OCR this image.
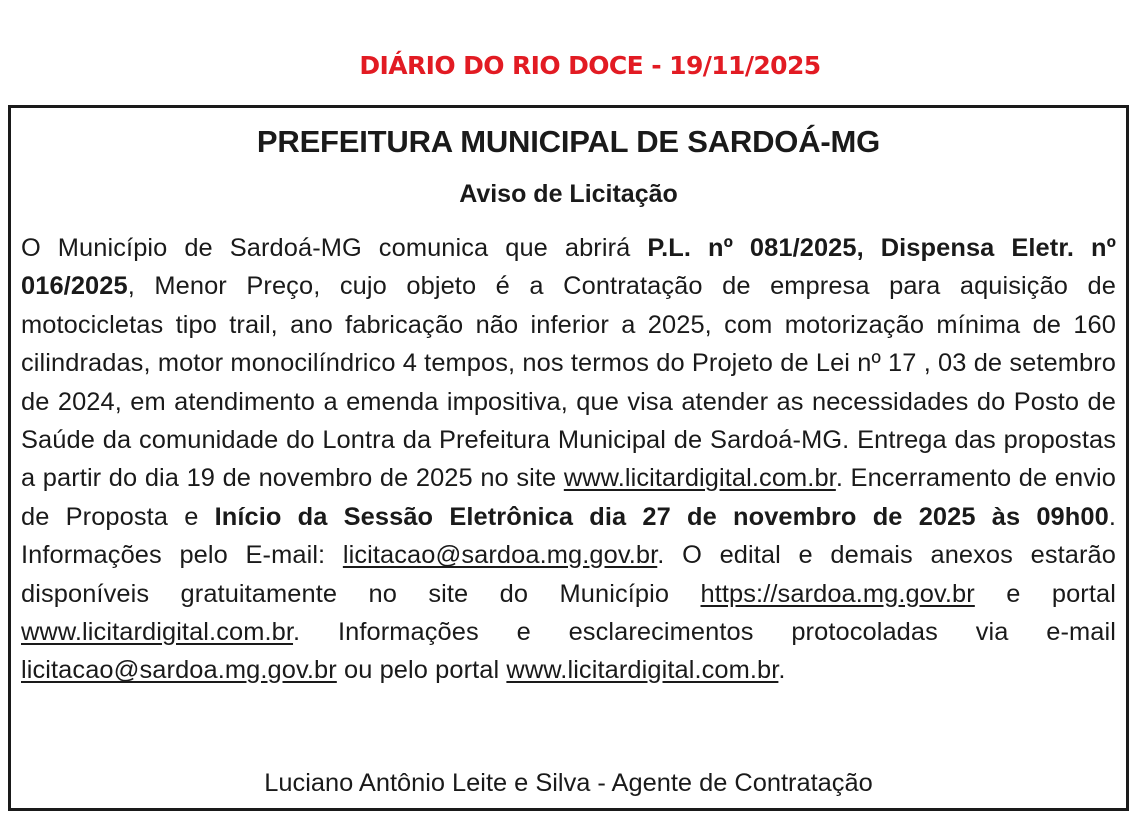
DIÁRIO DO RIO DOCE - 19/11/2025
PREFEITURA MUNICIPAL DE SARDOÁ-MG
Aviso de Licitação
O Município de Sardoá-MG comunica que abrirá P.L. nº 081/2025, Dispensa Eletr. nº 016/2025, Menor Preço, cujo objeto é a Contratação de empresa para aquisição de motocicletas tipo trail, ano fabricação não inferior a 2025, com motorização mínima de 160 cilindradas, motor monocilíndrico 4 tempos, nos termos do Projeto de Lei nº 17 , 03 de setembro de 2024, em atendimento a emenda impositiva, que visa atender as necessidades do Posto de Saúde da comunidade do Lontra da Prefeitura Municipal de Sardoá-MG. Entrega das propostas a partir do dia 19 de novembro de 2025 no site www.licitardigital.com.br. Encerramento de envio de Proposta e Início da Sessão Eletrônica dia 27 de novembro de 2025 às 09h00. Informações pelo E-mail: licitacao@sardoa.mg.gov.br. O edital e demais anexos estarão disponíveis gratuitamente no site do Município https://sardoa.mg.gov.br e portal www.licitardigital.com.br. Informações e esclarecimentos protocoladas via e-mail licitacao@sardoa.mg.gov.br ou pelo portal www.licitardigital.com.br.
Luciano Antônio Leite e Silva - Agente de Contratação
